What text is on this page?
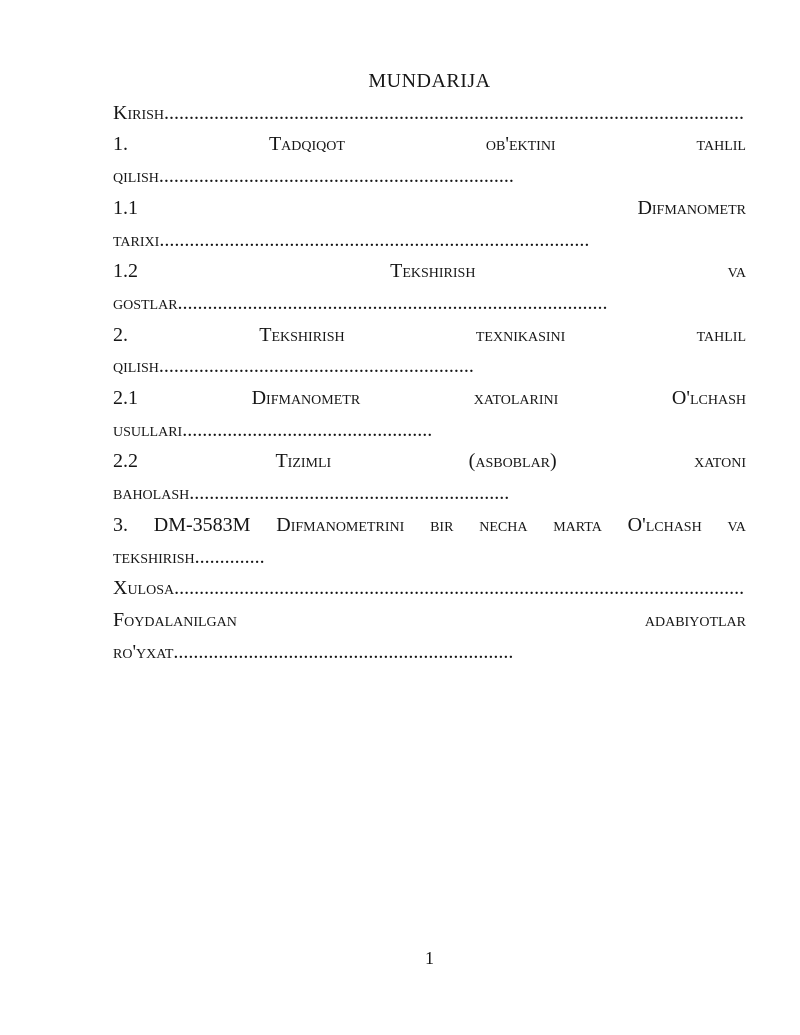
MUNDARIJA
Kirish....................................................................................................................
1.	Tadqiqot	ob'ektini	tahlil
qilish.......................................................................
1.1	Difmanometr
tarixi......................................................................................
1.2	Tekshirish	va
gostlar......................................................................................
2.	Tekshirish	texnikasini	tahlil
qilish...............................................................
2.1	Difmanometr	xatolarini	O'lchash
usullari..................................................
2.2	Tizimli	(asboblar)	xatoni
baholash................................................................
3. DM-3583M Difmanometrini bir necha marta O'lchash va
tekshirish..............
Xulosa..................................................................................................................
Foydalanilgan	adabiyotlar
ro'yxat....................................................................
1
